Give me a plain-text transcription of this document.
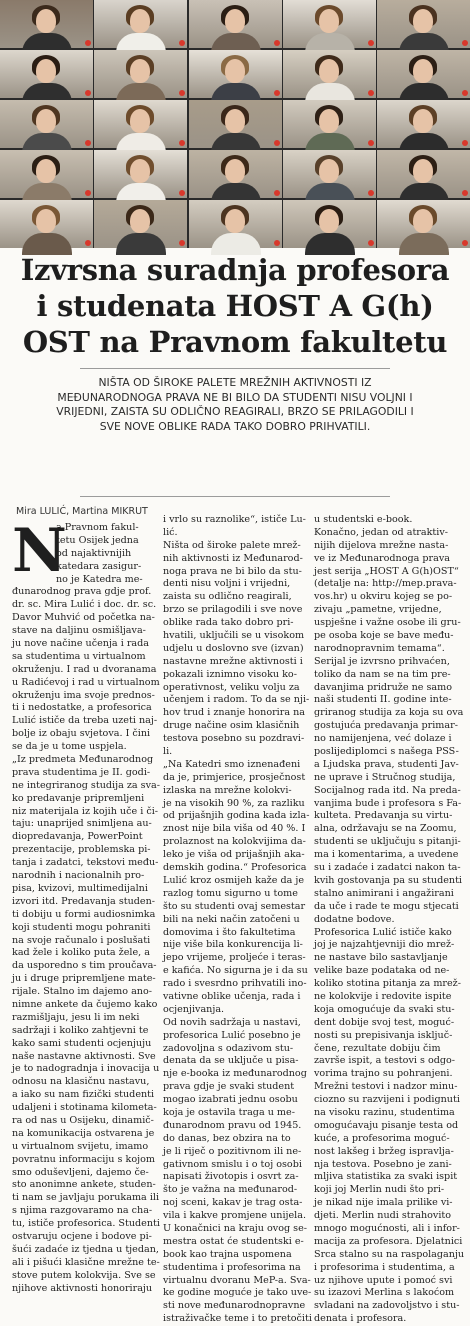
Izvrsna suradnja profesora
i studenata HOST A G(h)
OST na Pravnom fakultetu
NIŠTA OD ŠIROKE PALETE MREŽNIH AKTIVNOSTI IZ
MEĐUNARODNOGA PRAVA NE BI BILO DA STUDENTI NISU VOLJNI I
VRIJEDNI, ZAISTA SU ODLIČNO REAGIRALI, BRZO SE PRILAGODILI I
SVE NOVE OBLIKE RADA TAKO DOBRO PRIHVATILI.
Mira LULIĆ, Martina MIKRUT
N
a Pravnom fakul-
tetu Osijek jedna
od najaktivnijih
katedara zasigur-
no je Katedra me-
đunarodnog prava gdje prof.
dr. sc. Mira Lulić i doc. dr. sc.
Davor Muhvić od početka na-
stave na daljinu osmišljava-
ju nove načine učenja i rada
sa studentima u virtualnom
okruženju. I rad u dvoranama
u Radićevoj i rad u virtualnom
okruženju ima svoje prednos-
ti i nedostatke, a profesorica
Lulić ističe da treba uzeti naj-
bolje iz obaju svjetova. I čini
se da je u tome uspjela.
„Iz predmeta Međunarodnog
prava studentima je II. godi-
ne integriranog studija za sva-
ko predavanje pripremljeni
niz materijala iz kojih uče i či-
taju: unaprijed snimljena au-
diopredavanja, PowerPoint
prezentacije, problemska pi-
tanja i zadatci, tekstovi među-
narodnih i nacionalnih pro-
pisa, kvizovi, multimedijalni
izvori itd. Predavanja studen-
ti dobiju u formi audiosnimka
koji studenti mogu pohraniti
na svoje računalo i poslušati
kad žele i koliko puta žele, a
da usporedno s tim proučava-
ju i druge pripremljene mate-
rijale. Stalno im dajemo ano-
nimne ankete da čujemo kako
razmišljaju, jesu li im neki
sadržaji i koliko zahtjevni te
kako sami studenti ocjenjuju
naše nastavne aktivnosti. Sve
je to nadogradnja i inovacija u
odnosu na klasičnu nastavu,
a iako su nam fizički studenti
udaljeni i stotinama kilometa-
ra od nas u Osijeku, dinamič-
na komunikacija ostvarena je
u virtualnom svijetu, imamo
povratnu informaciju s kojom
smo oduševljeni, dajemo če-
sto anonimne ankete, studen-
ti nam se javljaju porukama ili
s njima razgovaramo na cha-
tu, ističe profesorica. Studenti
ostvaruju ocjene i bodove pi-
šući zadaće iz tjedna u tjedan,
ali i pišući klasične mrežne te-
stove putem kolokvija. Sve se
njihove aktivnosti honoriraju
i vrlo su raznolike“, ističe Lu-
lić.
Ništa od široke palete mrež-
nih aktivnosti iz Međunarod-
noga prava ne bi bilo da stu-
denti nisu voljni i vrijedni,
zaista su odlično reagirali,
brzo se prilagodili i sve nove
oblike rada tako dobro pri-
hvatili, uključili se u visokom
udjelu u doslovno sve (izvan)
nastavne mrežne aktivnosti i
pokazali iznimno visoku ko-
operativnost, veliku volju za
učenjem i radom. To da se nji-
hov trud i znanje honorira na
druge načine osim klasičnih
testova posebno su pozdravi-
li.
„Na Katedri smo iznenađeni
da je, primjerice, prosječnost
izlaska na mrežne kolokvi-
je na visokih 90 %, za razliku
od prijašnjih godina kada izla-
znost nije bila viša od 40 %. I
prolaznost na kolokvijima da-
leko je viša od prijašnjih aka-
demskih godina.“ Profesorica
Lulić kroz osmijeh kaže da je
razlog tomu sigurno u tome
što su studenti ovaj semestar
bili na neki način zatočeni u
domovima i što fakultetima
nije više bila konkurencija li-
jepo vrijeme, proljeće i teras-
e kafića. No sigurna je i da su
rado i svesrdno prihvatili ino-
vativne oblike učenja, rada i
ocjenjivanja.
Od novih sadržaja u nastavi,
profesorica Lulić posebno je
zadovoljna s odazivom stu-
denata da se uključe u pisa-
nje e-booka iz međunarodnog
prava gdje je svaki student
mogao izabrati jednu osobu
koja je ostavila traga u me-
đunarodnom pravu od 1945.
do danas, bez obzira na to
je li riječ o pozitivnom ili ne-
gativnom smislu i o toj osobi
napisati životopis i osvrt za-
što je važna na međunarod-
noj sceni, kakav je trag osta-
vila i kakve promjene unijela.
U konačnici na kraju ovog se-
mestra ostat će studentski e-
book kao trajna uspomena
studentima i profesorima na
virtualnu dvoranu MeP-a. Sva-
ke godine moguće je tako uve-
sti nove međunarodnopravne
istraživačke teme i to pretočiti
u studentski e-book.
Konačno, jedan od atraktiv-
nijih dijelova mrežne nasta-
ve iz Međunarodnoga prava
jest serija „HOST A G(h)OST“
(detalje na: http://mep.prava-
vos.hr) u okviru kojeg se po-
zivaju „pametne, vrijedne,
uspješne i važne osobe ili gru-
pe osoba koje se bave među-
narodnopravnim temama“.
Serijal je izvrsno prihvaćen,
toliko da nam se na tim pre-
davanjima pridruže ne samo
naši studenti II. godine inte-
griranog studija za koja su ova
gostujuća predavanja primar-
no namijenjena, već dolaze i
poslijediplomci s našega PSS-
a Ljudska prava, studenti Jav-
ne uprave i Stručnog studija,
Socijalnog rada itd. Na preda-
vanjima bude i profesora s Fa-
kulteta. Predavanja su virtu-
alna, održavaju se na Zoomu,
studenti se uključuju s pitanji-
ma i komentarima, a uvedene
su i zadaće i zadatci nakon ta-
kvih gostovanja pa su studenti
stalno animirani i angažirani
da uče i rade te mogu stjecati
dodatne bodove.
Profesorica Lulić ističe kako
joj je najzahtjevniji dio mrež-
ne nastave bilo sastavljanje
velike baze podataka od ne-
koliko stotina pitanja za mrež-
ne kolokvije i redovite ispite
koja omogućuje da svaki stu-
dent dobije svoj test, moguć-
nosti su prepisivanja isključ-
čene, rezultate dobiju čim
završe ispit, a testovi s odgo-
vorima trajno su pohranjeni.
Mrežni testovi i nadzor minu-
ciozno su razvijeni i podignuti
na visoku razinu, studentima
omogućavaju pisanje testa od
kuće, a profesorima moguć-
nost lakšeg i bržeg ispravlja-
nja testova. Posebno je zani-
mljiva statistika za svaki ispit
koji joj Merlin nudi što pri-
je nikad nije imala prilike vi-
djeti. Merlin nudi strahovito
mnogo mogućnosti, ali i infor-
macija za profesora. Djelatnici
Srca stalno su na raspolaganju
i profesorima i studentima, a
uz njihove upute i pomoć svi
su izazovi Merlina s lakoćom
svladani na zadovoljstvo i stu-
denata i profesora.
